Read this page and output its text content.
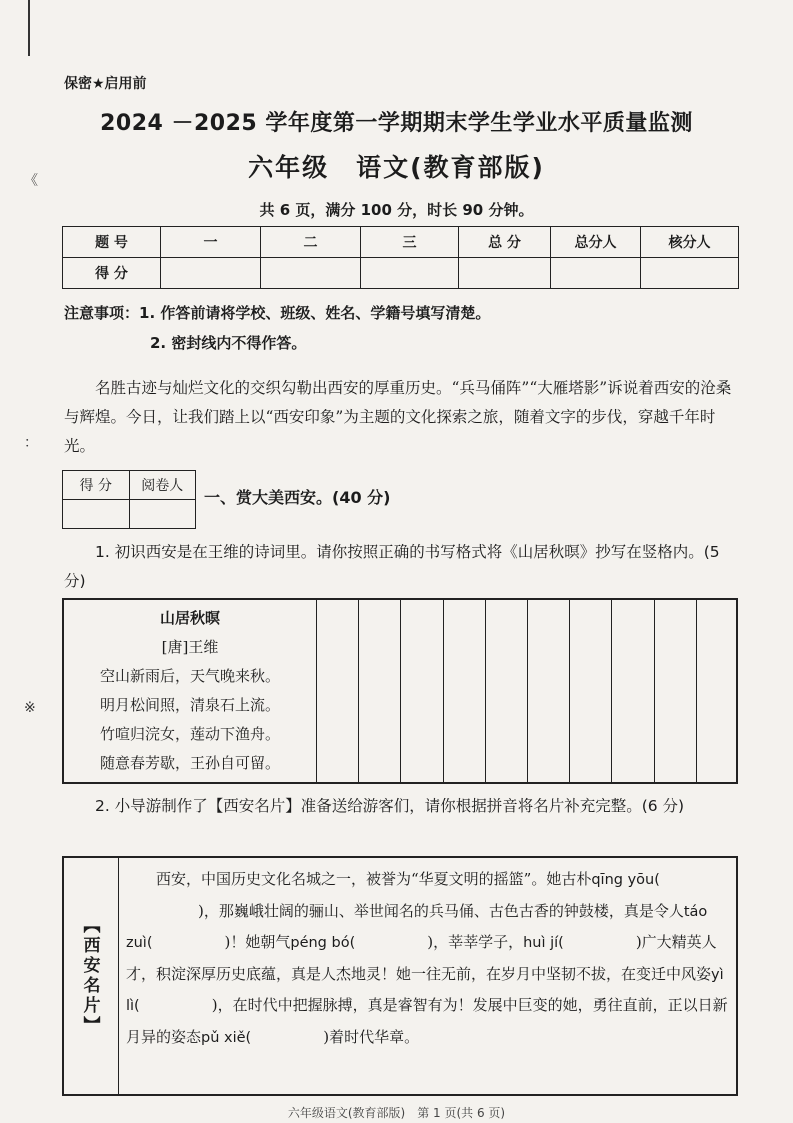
《
：
※
保密★启用前
2024 －2025 学年度第一学期期末学生学业水平质量监测
六年级　语文(教育部版)
共 6 页，满分 100 分，时长 90 分钟。
题 号	一	二	三	总 分	总分人	核分人
得 分						
注意事项：1. 作答前请将学校、班级、姓名、学籍号填写清楚。
2. 密封线内不得作答。
名胜古迹与灿烂文化的交织勾勒出西安的厚重历史。“兵马俑阵”“大雁塔影”诉说着西安的沧桑与辉煌。今日，让我们踏上以“西安印象”为主题的文化探索之旅，随着文字的步伐，穿越千年时光。
得 分	阅卷人

一、赏大美西安。(40 分)
1. 初识西安是在王维的诗词里。请你按照正确的书写格式将《山居秋暝》抄写在竖格内。(5 分)
山居秋暝
[唐]王维
空山新雨后，天气晚来秋。
明月松间照，清泉石上流。
竹喧归浣女，莲动下渔舟。
随意春芳歇，王孙自可留。
2. 小导游制作了【西安名片】准备送给游客们，请你根据拼音将名片补充完整。(6 分)
【西安名片】
西安，中国历史文化名城之一，被誉为“华夏文明的摇篮”。她古朴qīng yōu()，那巍峨壮阔的骊山、举世闻名的兵马俑、古色古香的钟鼓楼，真是令人táo zuì(	)！她朝气péng bó(	)，莘莘学子，huì jí(	)广大精英人才，积淀深厚历史底蕴，真是人杰地灵！她一往无前，在岁月中坚韧不拔，在变迁中风姿yì lì(	)，在时代中把握脉搏，真是睿智有为！发展中巨变的她，勇往直前，正以日新月异的姿态pǔ xiě(	)着时代华章。
六年级语文(教育部版)　第 1 页(共 6 页)
